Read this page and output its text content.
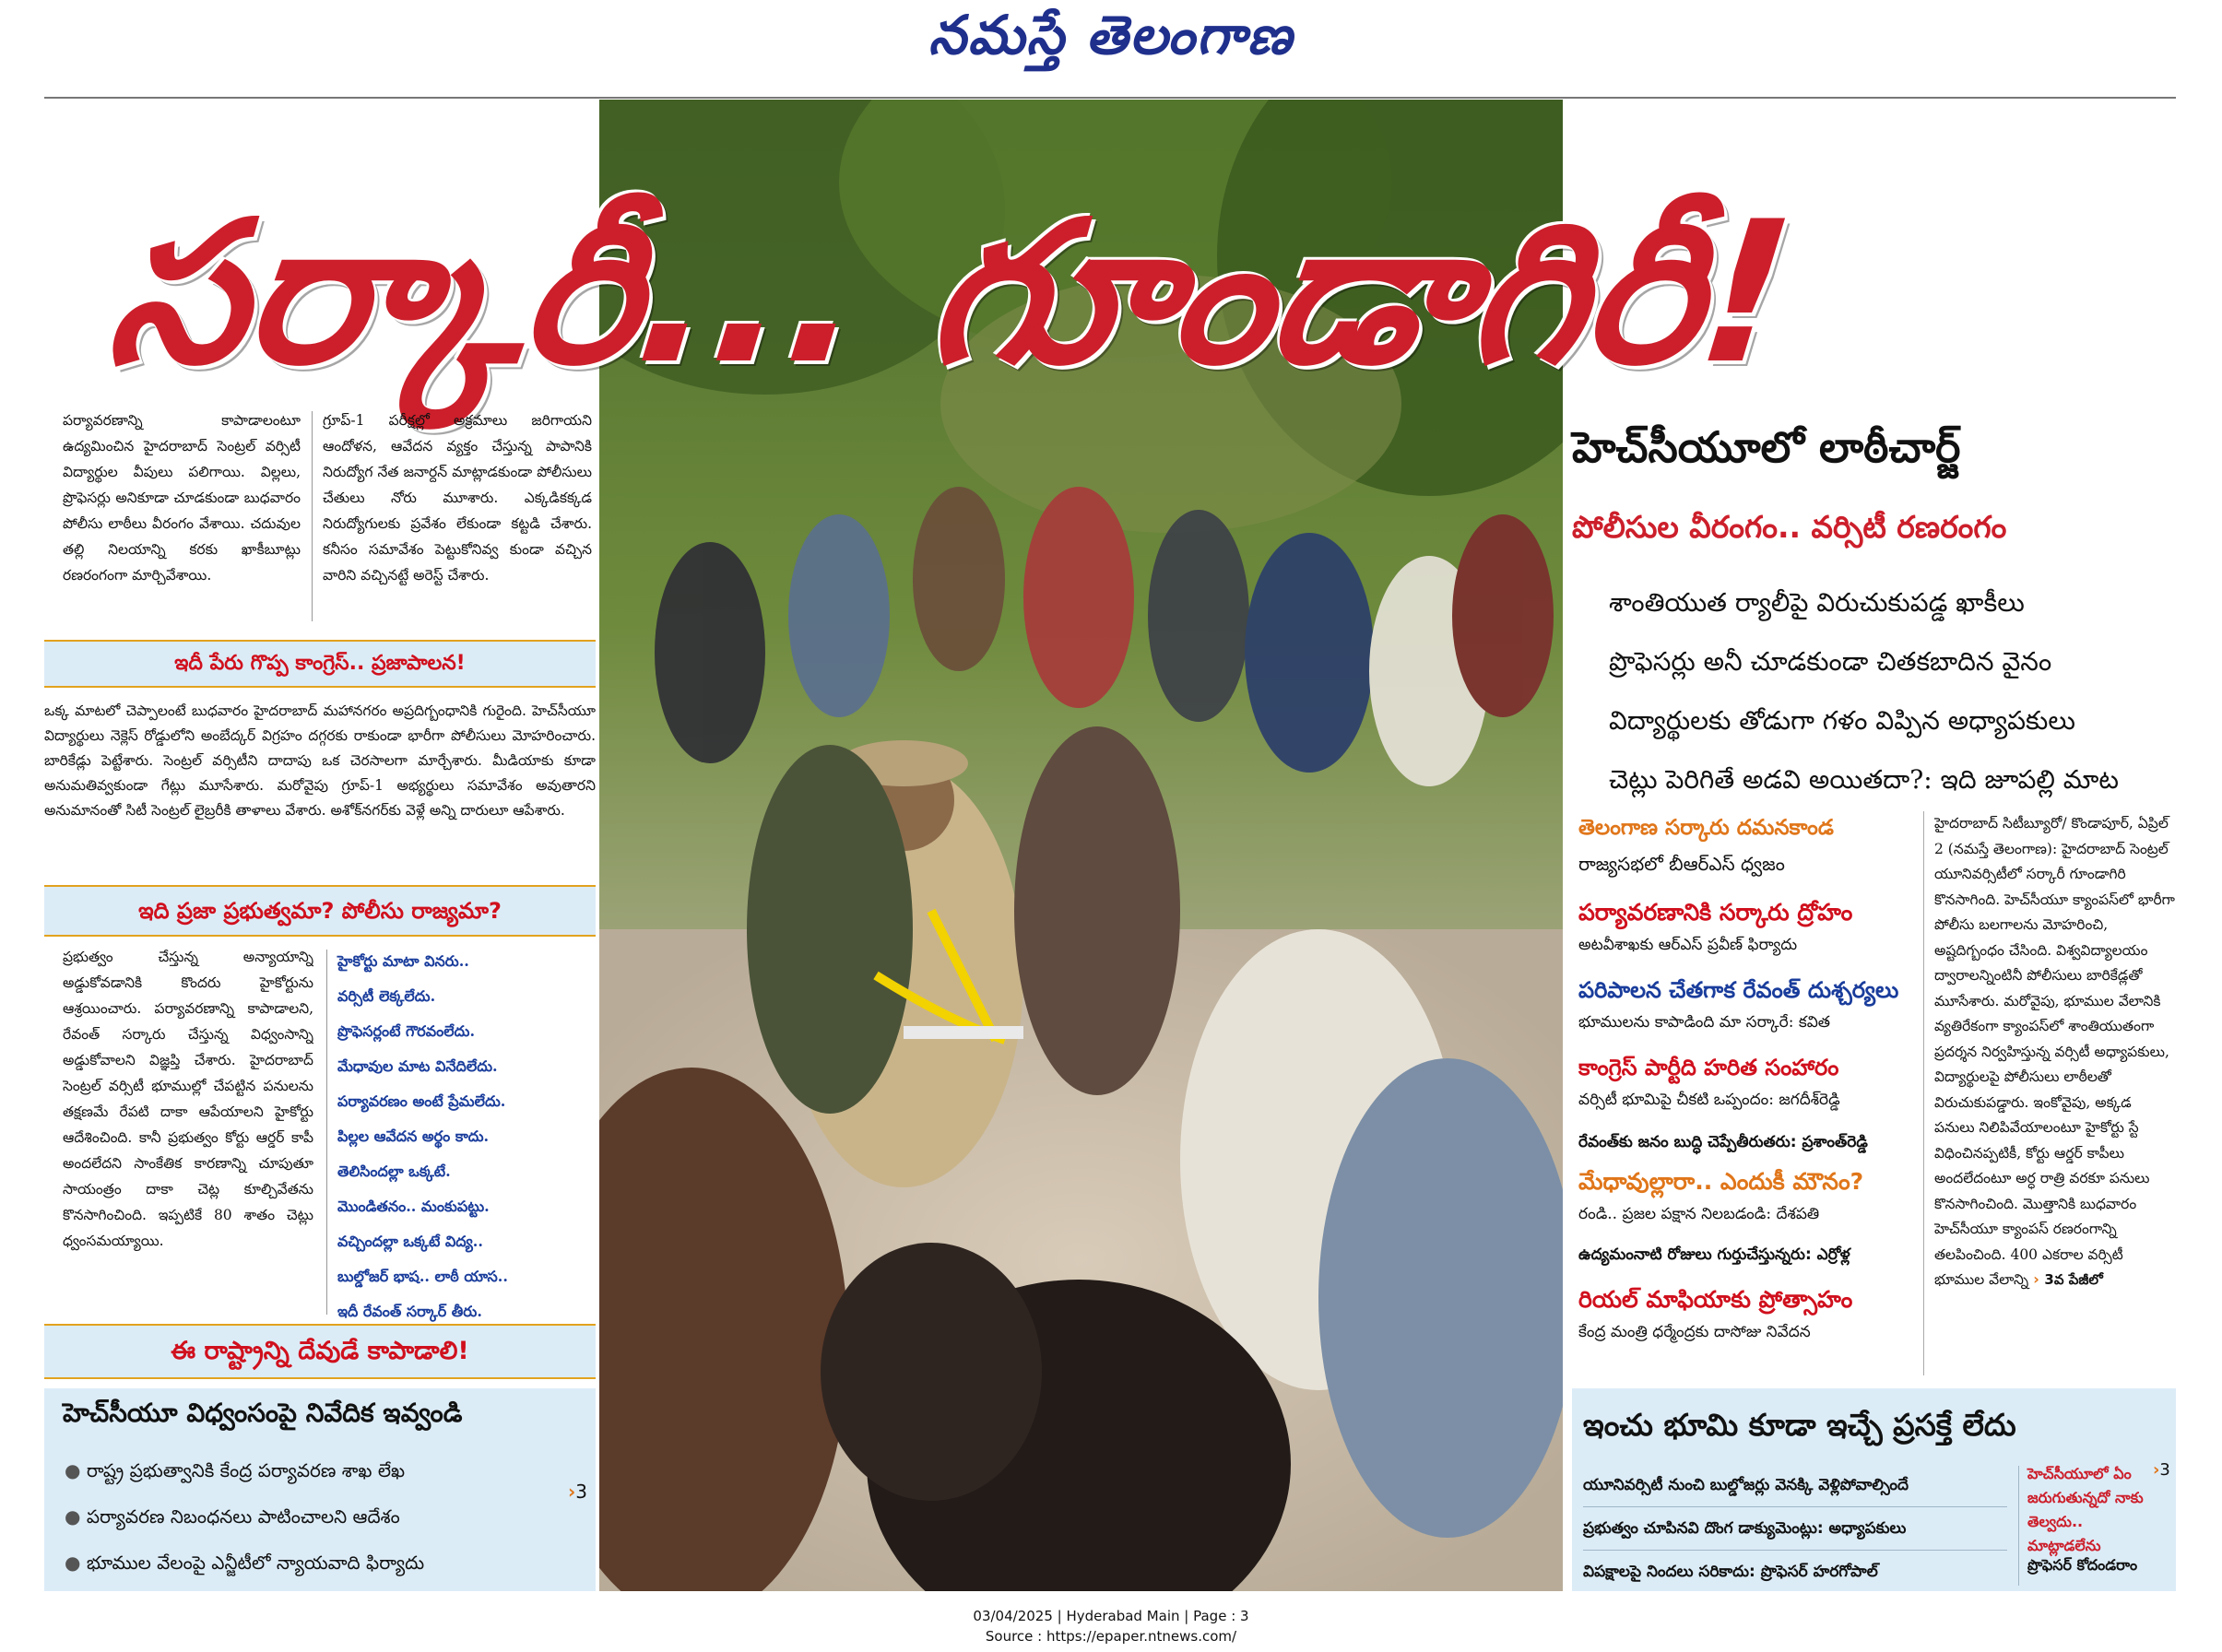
నమస్తే తెలంగాణ
సర్కారీ... గూండాగిరీ!
పర్యావరణాన్ని కాపాడాలంటూ ఉద్యమించిన హైదరాబాద్ సెంట్రల్ వర్సిటీ విద్యార్థుల వీపులు పలిగాయి. విల్లలు, ప్రొఫెసర్లు అనికూడా చూడకుండా బుధవారం పోలీసు లాఠీలు వీరంగం వేశాయి. చదువుల తల్లి నిలయాన్ని కరకు ఖాకీబూట్లు రణరంగంగా మార్చివేశాయి.
గ్రూప్-1 పరీక్షల్లో అక్రమాలు జరిగాయని ఆందోళన, ఆవేదన వ్యక్తం చేస్తున్న పాపానికి నిరుద్యోగ నేత జనార్దన్ మాట్లాడకుండా పోలీసులు చేతులు నోరు మూశారు. ఎక్కడికక్కడ నిరుద్యోగులకు ప్రవేశం లేకుండా కట్టడి చేశారు. కనీసం సమావేశం పెట్టుకోనివ్వ కుండా వచ్చిన వారిని వచ్చినట్టే అరెస్ట్ చేశారు.
ఇదీ పేరు గొప్ప కాంగ్రెస్.. ప్రజాపాలన!
ఒక్క మాటలో చెప్పాలంటే బుధవారం హైదరాబాద్ మహానగరం అప్రదిగ్బంధానికి గురైంది. హెచ్‌సీయూ విద్యార్థులు నెక్లెస్ రోడ్డులోని అంబేద్కర్ విగ్రహం దగ్గరకు రాకుండా భారీగా పోలీసులు మోహరించారు. బారికేడ్లు పెట్టేశారు. సెంట్రల్ వర్సిటీని దాదాపు ఒక చెరసాలగా మార్చేశారు. మీడియాకు కూడా అనుమతివ్వకుండా గేట్లు మూసేశారు. మరోవైపు గ్రూప్-1 అభ్యర్థులు సమావేశం అవుతారని అనుమానంతో సిటీ సెంట్రల్ లైబ్రరీకి తాళాలు వేశారు. అశోక్‌నగర్‌కు వెళ్లే అన్ని దారులూ ఆపేశారు.
ఇది ప్రజా ప్రభుత్వమా? పోలీసు రాజ్యమా?
ప్రభుత్వం చేస్తున్న అన్యాయాన్ని అడ్డుకోవడానికి కొందరు హైకోర్టును ఆశ్రయించారు. పర్యావరణాన్ని కాపాడాలని, రేవంత్ సర్కారు చేస్తున్న విధ్వంసాన్ని అడ్డుకోవాలని విజ్ఞప్తి చేశారు. హైదరాబాద్ సెంట్రల్ వర్సిటీ భూముల్లో చేపట్టిన పనులను తక్షణమే రేపటి దాకా ఆపేయాలని హైకోర్టు ఆదేశించింది. కానీ ప్రభుత్వం కోర్టు ఆర్డర్ కాపీ అందలేదని సాంకేతిక కారణాన్ని చూపుతూ సాయంత్రం దాకా చెట్ల కూల్చివేతను కొనసాగించింది. ఇప్పటికే 80 శాతం చెట్లు ధ్వంసమయ్యాయి.
హైకోర్టు మాటా వినరు..
వర్సిటీ లెక్కలేదు.
ప్రొఫెసర్లంటే గౌరవంలేదు.
మేధావుల మాట వినేదిలేదు.
పర్యావరణం అంటే ప్రేమలేదు.
పిల్లల ఆవేదన అర్థం కాదు.
తెలిసిందల్లా ఒక్కటే.
మొండితనం.. మంకుపట్టు.
వచ్చిందల్లా ఒక్కటే విద్య..
బుల్డోజర్ భాష.. లాఠీ యాస..
ఇదీ రేవంత్ సర్కార్ తీరు.
ఈ రాష్ట్రాన్ని దేవుడే కాపాడాలి!
హెచ్‌సీయూ విధ్వంసంపై నివేదిక ఇవ్వండి
● రాష్ట్ర ప్రభుత్వానికి కేంద్ర పర్యావరణ శాఖ లేఖ
● పర్యావరణ నిబంధనలు పాటించాలని ఆదేశం
● భూముల వేలంపై ఎన్జీటీలో న్యాయవాది ఫిర్యాదు
›3
హెచ్‌సీయూలో లాఠీచార్జ్
పోలీసుల వీరంగం.. వర్సిటీ రణరంగం
శాంతియుత ర్యాలీపై విరుచుకుపడ్డ ఖాకీలు
ప్రొఫెసర్లు అనీ చూడకుండా చితకబాదిన వైనం
విద్యార్థులకు తోడుగా గళం విప్పిన అధ్యాపకులు
చెట్లు పెరిగితే అడవి అయితదా?: ఇది జూపల్లి మాట
తెలంగాణ సర్కారు దమనకాండ
రాజ్యసభలో బీఆర్‌ఎస్ ధ్వజం
పర్యావరణానికి సర్కారు ద్రోహం
అటవీశాఖకు ఆర్‌ఎస్ ప్రవీణ్ ఫిర్యాదు
పరిపాలన చేతగాక రేవంత్ దుశ్చర్యలు
భూములను కాపాడింది మా సర్కారే: కవిత
కాంగ్రెస్ పార్టీది హరిత సంహారం
వర్సిటీ భూమిపై చీకటి ఒప్పందం: జగదీశ్‌రెడ్డి
రేవంత్‌కు జనం బుద్ధి చెప్పేతీరుతరు: ప్రశాంత్‌రెడ్డి
మేధావుల్లారా.. ఎందుకీ మౌనం?
రండి.. ప్రజల పక్షాన నిలబడండి: దేశపతి
ఉద్యమంనాటి రోజులు గుర్తుచేస్తున్నరు: ఎర్రోళ్ల
రియల్ మాఫియాకు ప్రోత్సాహం
కేంద్ర మంత్రి ధర్మేంద్రకు దాసోజు నివేదన
హైదరాబాద్ సిటీబ్యూరో/ కొండాపూర్, ఏప్రిల్ 2 (నమస్తే తెలంగాణ): హైదరాబాద్ సెంట్రల్ యూనివర్సిటీలో సర్కారీ గూండాగిరి కొనసాగింది. హెచ్‌సీయూ క్యాంపస్‌లో భారీగా పోలీసు బలగాలను మోహరించి, అష్టదిగ్బంధం చేసింది. విశ్వవిద్యాలయం ద్వారాలన్నింటినీ పోలీసులు బారికేడ్లతో మూసేశారు. మరోవైపు, భూముల వేలానికి వ్యతిరేకంగా క్యాంపస్‌లో శాంతియుతంగా ప్రదర్శన నిర్వహిస్తున్న వర్సిటీ అధ్యాపకులు, విద్యార్థులపై పోలీసులు లాఠీలతో విరుచుకుపడ్డారు. ఇంకోవైపు, అక్కడ పనులు నిలిపివేయాలంటూ హైకోర్టు స్టే విధించినప్పటికీ, కోర్టు ఆర్డర్ కాపీలు అందలేదంటూ అర్ధ రాత్రి వరకూ పనులు కొనసాగించింది. మొత్తానికి బుధవారం హెచ్‌సీయూ క్యాంపస్ రణరంగాన్ని తలపించింది. 400 ఎకరాల వర్సిటీ భూముల వేలాన్ని › 3వ పేజీలో
ఇంచు భూమి కూడా ఇచ్చే ప్రసక్తే లేదు
యూనివర్సిటీ నుంచి బుల్డోజర్లు వెనక్కి వెళ్లిపోవాల్సిందే
ప్రభుత్వం చూపినవి దొంగ డాక్యుమెంట్లు: అధ్యాపకులు
విపక్షాలపై నిందలు సరికాదు: ప్రొఫెసర్ హరగోపాల్
హెచ్‌సీయూలో ఏం జరుగుతున్నదో నాకు తెల్వదు.. మాట్లాడలేను
›3
ప్రొఫెసర్ కోదండరాం
03/04/2025 | Hyderabad Main | Page : 3
Source : https://epaper.ntnews.com/
